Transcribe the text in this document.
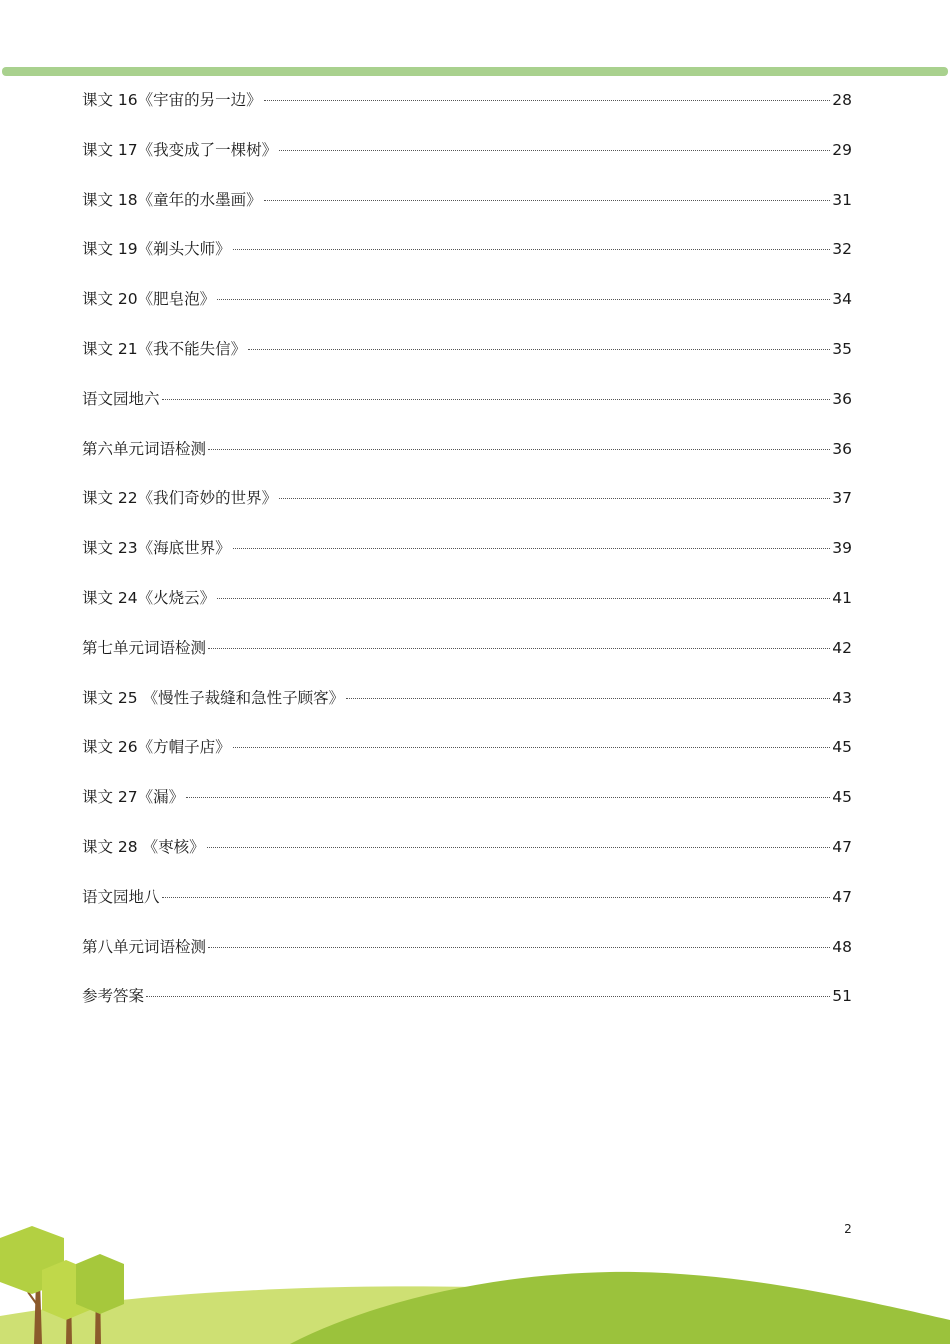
课文 16《宇宙的另一边》	28
课文 17《我变成了一棵树》	29
课文 18《童年的水墨画》	31
课文 19《剃头大师》	32
课文 20《肥皂泡》	34
课文 21《我不能失信》	35
语文园地六	36
第六单元词语检测	36
课文 22《我们奇妙的世界》	37
课文 23《海底世界》	39
课文 24《火烧云》	41
第七单元词语检测	42
课文 25 《慢性子裁缝和急性子顾客》	43
课文 26《方帽子店》	45
课文 27《漏》	45
课文 28 《枣核》	47
语文园地八	47
第八单元词语检测	48
参考答案	51
2
